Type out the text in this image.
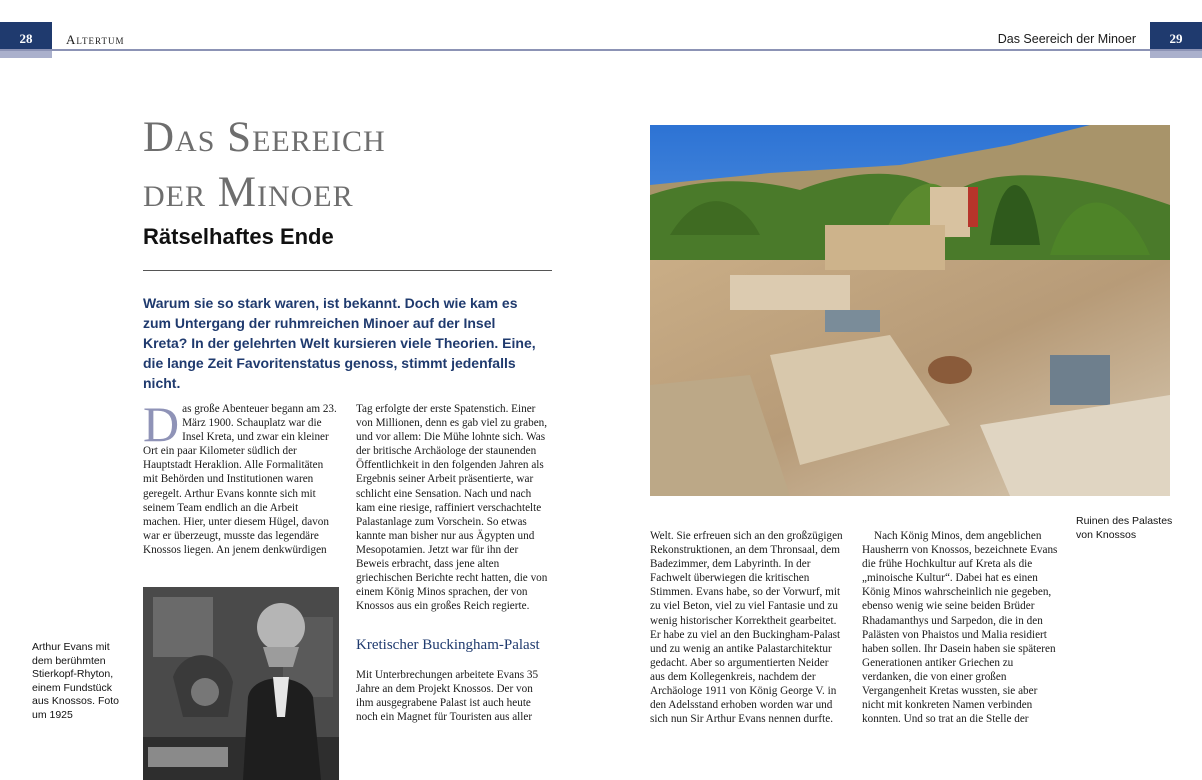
28	Altertum	Das Seereich der Minoer	29
Das Seereich
der Minoer
Rätselhaftes Ende

Warum sie so stark waren, ist bekannt. Doch wie kam es zum Untergang der ruhmreichen Minoer auf der Insel Kreta? In der gelehrten Welt kursieren viele Theorien. Eine, die lange Zeit Favoritenstatus genoss, stimmt jedenfalls nicht.

Das große Abenteuer begann am 23. März 1900. Schauplatz war die Insel Kreta, und zwar ein kleiner Ort ein paar Kilometer südlich der Hauptstadt Heraklion. Alle Formalitäten mit Behörden und Institutionen waren geregelt. Arthur Evans konnte sich mit seinem Team endlich an die Arbeit machen. Hier, unter diesem Hügel, davon war er überzeugt, musste das legendäre Knossos liegen. An jenem denkwürdigen

Tag erfolgte der erste Spatenstich. Einer von Millionen, denn es gab viel zu graben, und vor allem: Die Mühe lohnte sich. Was der britische Archäologe der staunenden Öffentlichkeit in den folgenden Jahren als Ergebnis seiner Arbeit präsentierte, war schlicht eine Sensation. Nach und nach kam eine riesige, raffiniert verschachtelte Palastanlage zum Vorschein. So etwas kannte man bisher nur aus Ägypten und Mesopotamien. Jetzt war für ihn der Beweis erbracht, dass jene alten griechischen Berichte recht hatten, die von einem König Minos sprachen, der von Knossos aus ein großes Reich regierte.

Kretischer Buckingham-Palast

Mit Unterbrechungen arbeitete Evans 35 Jahre an dem Projekt Knossos. Der von ihm ausgegrabene Palast ist auch heute noch ein Magnet für Touristen aus aller

Welt. Sie erfreuen sich an den großzügigen Rekonstruktionen, an dem Thronsaal, dem Badezimmer, dem Labyrinth. In der Fachwelt überwiegen die kritischen Stimmen. Evans habe, so der Vorwurf, mit zu viel Beton, viel zu viel Fantasie und zu wenig historischer Korrektheit gearbeitet. Er habe zu viel an den Buckingham-Palast und zu wenig an antike Palastarchitektur gedacht. Aber so argumentierten Neider aus dem Kollegenkreis, nachdem der Archäologe 1911 von König George V. in den Adelsstand erhoben worden war und sich nun Sir Arthur Evans nennen durfte.

Nach König Minos, dem angeblichen Hausherrn von Knossos, bezeichnete Evans die frühe Hochkultur auf Kreta als die „minoische Kultur“. Dabei hat es einen König Minos wahrscheinlich nie gegeben, ebenso wenig wie seine beiden Brüder Rhadamanthys und Sarpedon, die in den Palästen von Phaistos und Malia residiert haben sollen. Ihr Dasein haben sie späteren Generationen antiker Griechen zu verdanken, die von einer großen Vergangenheit Kretas wussten, sie aber nicht mit konkreten Namen verbinden konnten. Und so trat an die Stelle der

Arthur Evans mit dem berühmten Stierkopf-Rhyton, einem Fundstück aus Knossos. Foto um 1925

Ruinen des Palastes von Knossos
